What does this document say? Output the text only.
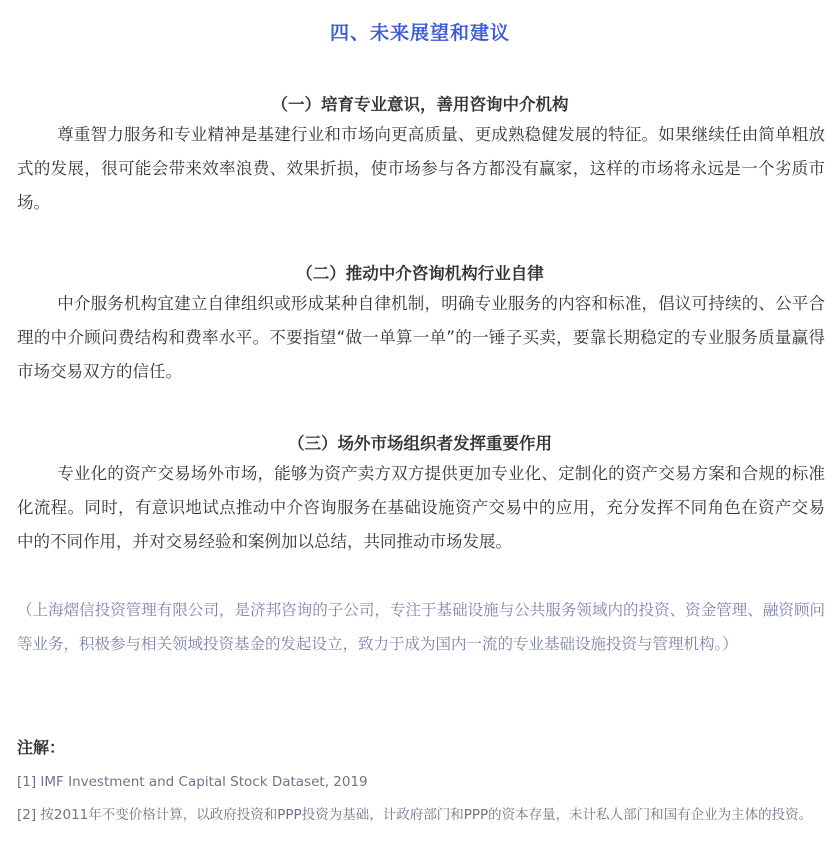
四、未来展望和建议
（一）培育专业意识，善用咨询中介机构
尊重智力服务和专业精神是基建行业和市场向更高质量、更成熟稳健发展的特征。如果继续任由简单粗放式的发展，很可能会带来效率浪费、效果折损，使市场参与各方都没有赢家，这样的市场将永远是一个劣质市场。
（二）推动中介咨询机构行业自律
中介服务机构宜建立自律组织或形成某种自律机制，明确专业服务的内容和标准，倡议可持续的、公平合理的中介顾问费结构和费率水平。不要指望“做一单算一单”的一锤子买卖，要靠长期稳定的专业服务质量赢得市场交易双方的信任。
（三）场外市场组织者发挥重要作用
专业化的资产交易场外市场，能够为资产卖方双方提供更加专业化、定制化的资产交易方案和合规的标准化流程。同时，有意识地试点推动中介咨询服务在基础设施资产交易中的应用，充分发挥不同角色在资产交易中的不同作用，并对交易经验和案例加以总结，共同推动市场发展。
（上海熠信投资管理有限公司，是济邦咨询的子公司，专注于基础设施与公共服务领域内的投资、资金管理、融资顾问等业务，积极参与相关领域投资基金的发起设立，致力于成为国内一流的专业基础设施投资与管理机构。）
注解：
[1] IMF Investment and Capital Stock Dataset, 2019
[2] 按2011年不变价格计算，以政府投资和PPP投资为基础，计政府部门和PPP的资本存量，未计私人部门和国有企业为主体的投资。
